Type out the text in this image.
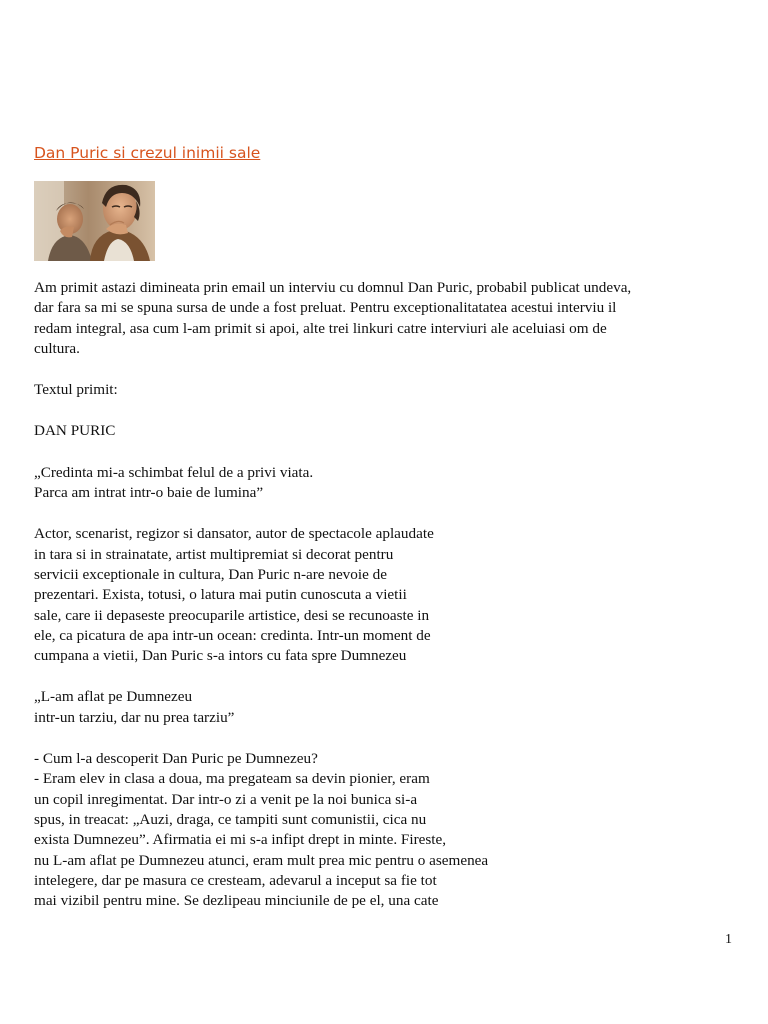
Dan Puric si crezul inimii sale

Am primit astazi dimineata prin email un interviu cu domnul Dan Puric, probabil publicat undeva,
dar fara sa mi se spuna sursa de unde a fost preluat. Pentru exceptionalitatatea acestui interviu il
redam integral, asa cum l-am primit si apoi, alte trei linkuri catre interviuri ale aceluiasi om de
cultura.

Textul primit:

DAN PURIC

„Credinta mi-a schimbat felul de a privi viata.
Parca am intrat intr-o baie de lumina”

Actor, scenarist, regizor si dansator, autor de spectacole aplaudate
in tara si in strainatate, artist multipremiat si decorat pentru
servicii exceptionale in cultura, Dan Puric n-are nevoie de
prezentari. Exista, totusi, o latura mai putin cunoscuta a vietii
sale, care ii depaseste preocuparile artistice, desi se recunoaste in
ele, ca picatura de apa intr-un ocean: credinta. Intr-un moment de
cumpana a vietii, Dan Puric s-a intors cu fata spre Dumnezeu

„L-am aflat pe Dumnezeu
intr-un tarziu, dar nu prea tarziu”

- Cum l-a descoperit Dan Puric pe Dumnezeu?
- Eram elev in clasa a doua, ma pregateam sa devin pionier, eram
un copil inregimentat. Dar intr-o zi a venit pe la noi bunica si-a
spus, in treacat: „Auzi, draga, ce tampiti sunt comunistii, cica nu
exista Dumnezeu”. Afirmatia ei mi s-a infipt drept in minte. Fireste,
nu L-am aflat pe Dumnezeu atunci, eram mult prea mic pentru o asemenea
intelegere, dar pe masura ce cresteam, adevarul a inceput sa fie tot
mai vizibil pentru mine. Se dezlipeau minciunile de pe el, una cate

1
